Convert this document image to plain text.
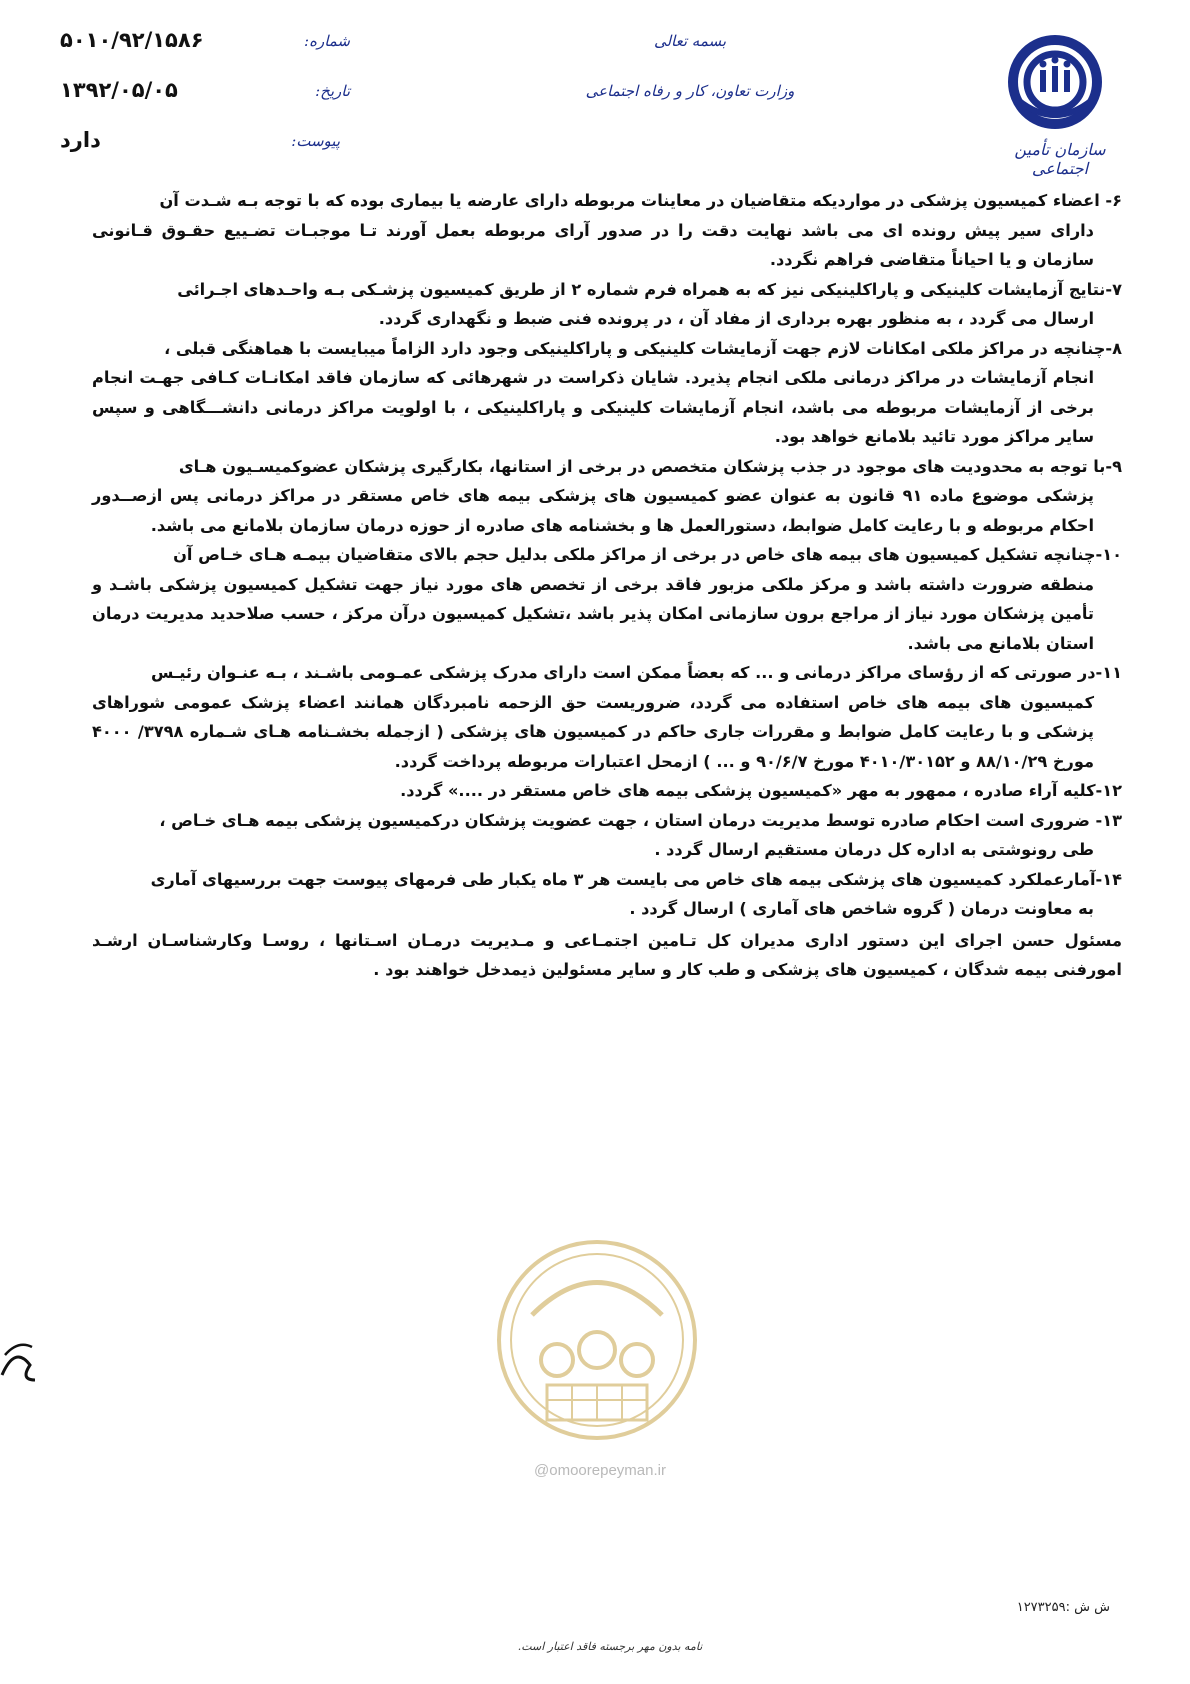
سازمان تأمین اجتماعی
بسمه تعالی
وزارت تعاون، کار و رفاه اجتماعی
شماره:
۵۰۱۰/۹۲/۱۵۸۶
تاریخ:
۱۳۹۲/۰۵/۰۵
پیوست:
دارد
۶- اعضاء کمیسیون پزشکی در مواردیکه متقاضیان در معاینات مربوطه دارای عارضه یا بیماری بوده که با توجه بـه شـدت آن
دارای سیر پیش رونده ای می باشد نهایت دقت را در صدور آرای مربوطه بعمل آورند تـا موجبـات تضـییع حقـوق قـانونی سازمان و یا احیاناً متقاضی فراهم نگردد.
۷-نتایج آزمایشات کلینیکی و پاراکلینیکی نیز که به همراه فرم شماره ۲ از طریق کمیسیون پزشـکی بـه واحـدهای اجـرائی
ارسال می گردد ، به منظور بهره برداری از مفاد آن ، در پرونده فنی ضبط و نگهداری گردد.
۸-چنانچه در مراکز ملکی امکانات لازم جهت آزمایشات کلینیکی و پاراکلینیکی وجود دارد الزاماً میبایست با هماهنگی قبلی ،
انجام آزمایشات در مراکز درمانی ملکی انجام پذیرد. شایان ذکراست در شهرهائی که سازمان فاقد امکانـات کـافی جهـت انجام برخی از آزمایشات مربوطه می باشد، انجام آزمایشات کلینیکی و پاراکلینیکی ، با اولویت مراکز درمانی دانشـــگاهی و سپس سایر مراکز مورد تائید بلامانع خواهد بود.
۹-با توجه به محدودیت های موجود در جذب پزشکان متخصص در برخی از استانها، بکارگیری پزشکان عضوکمیسـیون هـای
پزشکی موضوع ماده ۹۱ قانون به عنوان عضو کمیسیون های پزشکی بیمه های خاص مستقر در مراکز درمانی پس ازصــدور احکام مربوطه و با رعایت کامل ضوابط، دستورالعمل ها و بخشنامه های صادره از حوزه درمان سازمان بلامانع می باشد.
۱۰-چنانچه تشکیل کمیسیون های بیمه های خاص در برخی از مراکز ملکی بدلیل حجم بالای متقاضیان بیمـه هـای خـاص آن
منطقه ضرورت داشته باشد و مرکز ملکی مزبور فاقد برخی از تخصص های مورد نیاز جهت تشکیل کمیسیون پزشکی باشـد و تأمین پزشکان مورد نیاز از مراجع برون سازمانی امکان پذیر باشد ،تشکیل کمیسیون درآن مرکز ، حسب صلاحدید مدیریت درمان استان بلامانع می باشد.
۱۱-در صورتی که از رؤسای مراکز درمانی و ... که بعضاً ممکن است دارای مدرک پزشکی عمـومی باشـند ، بـه عنـوان رئیـس
کمیسیون های بیمه های خاص استفاده می گردد، ضروریست حق الزحمه نامبردگان همانند اعضاء پزشک عمومی شوراهای پزشکی و با رعایت کامل ضوابط و مقررات جاری حاکم در کمیسیون های پزشکی ( ازجمله بخشـنامه هـای شـماره ۳۷۹۸/ ۴۰۰۰ مورخ ۸۸/۱۰/۲۹ و ۴۰۱۰/۳۰۱۵۲ مورخ ۹۰/۶/۷ و ... ) ازمحل اعتبارات مربوطه پرداخت گردد.
۱۲-کلیه آراء صادره ، ممهور به مهر «کمیسیون پزشکی بیمه های خاص مستقر در ....» گردد.
۱۳- ضروری است احکام صادره توسط مدیریت درمان استان ، جهت عضویت پزشکان درکمیسیون پزشکی بیمه هـای خـاص ،
طی رونوشتی به اداره کل درمان مستقیم ارسال گردد .
۱۴-آمارعملکرد کمیسیون های پزشکی بیمه های خاص می بایست هر ۳ ماه یکبار طی فرمهای پیوست جهت بررسیهای آماری
به معاونت درمان ( گروه شاخص های آماری ) ارسال گردد .
مسئول حسن اجرای این دستور اداری مدیران کل تـامین اجتمـاعی و مـدیریت درمـان اسـتانها ، روسـا وکارشناسـان ارشـد امورفنی بیمه شدگان ، کمیسیون های پزشکی و طب کار و سایر مسئولین ذیمدخل خواهند بود .
@omoorepeyman.ir
ش ش :۱۲۷۳۲۵۹
نامه بدون مهر برجسته فاقد اعتبار است.
